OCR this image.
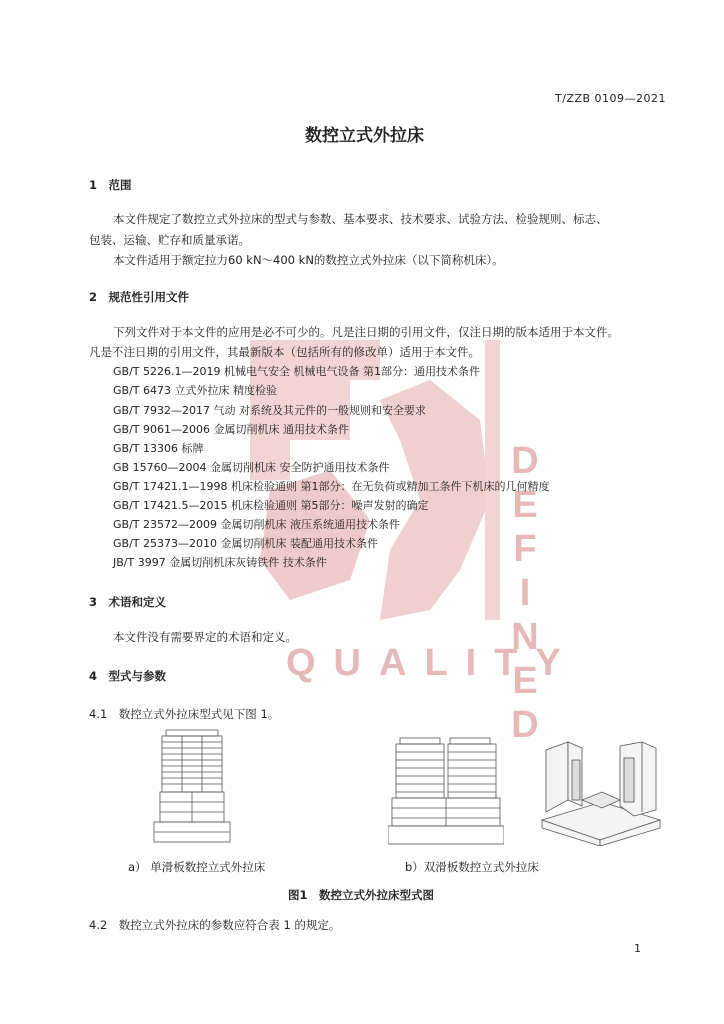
DEFINED
QUALITY
T/ZZB 0109—2021
数控立式外拉床
1　范围
本文件规定了数控立式外拉床的型式与参数、基本要求、技术要求、试验方法、检验规则、标志、
包装、运输、贮存和质量承诺。
本文件适用于额定拉力60 kN～400 kN的数控立式外拉床（以下简称机床）。
2　规范性引用文件
下列文件对于本文件的应用是必不可少的。凡是注日期的引用文件，仅注日期的版本适用于本文件。
凡是不注日期的引用文件，其最新版本（包括所有的修改单）适用于本文件。
GB/T 5226.1—2019 机械电气安全 机械电气设备 第1部分：通用技术条件
GB/T 6473 立式外拉床 精度检验
GB/T 7932—2017 气动 对系统及其元件的一般规则和安全要求
GB/T 9061—2006 金属切削机床 通用技术条件
GB/T 13306 标牌
GB 15760—2004 金属切削机床 安全防护通用技术条件
GB/T 17421.1—1998 机床检验通则 第1部分：在无负荷或精加工条件下机床的几何精度
GB/T 17421.5—2015 机床检验通则 第5部分：噪声发射的确定
GB/T 23572—2009 金属切削机床 液压系统通用技术条件
GB/T 25373—2010 金属切削机床 装配通用技术条件
JB/T 3997 金属切削机床灰铸铁件 技术条件
3　术语和定义
本文件没有需要界定的术语和定义。
4　型式与参数
4.1　数控立式外拉床型式见下图 1。
a） 单滑板数控立式外拉床	b）双滑板数控立式外拉床
图1　数控立式外拉床型式图
4.2　数控立式外拉床的参数应符合表 1 的规定。
1
